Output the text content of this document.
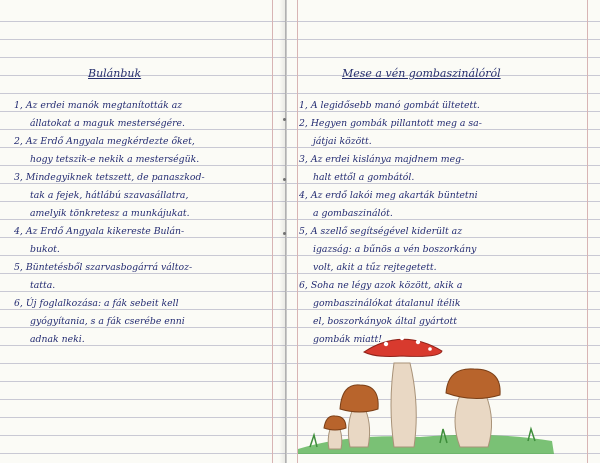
Bulánbuk
1, Az erdei manók megtanították az
állatokat a maguk mesterségére.
2, Az Erdő Angyala megkérdezte őket,
hogy tetszik-e nekik a mesterségük.
3, Mindegyiknek tetszett, de panaszkod-
tak a fejek, hátlábú szavasállatra,
amelyik tönkretesz a munkájukat.
4, Az Erdő Angyala kikereste Bulán-
bukot.
5, Büntetésből szarvasbogárrá változ-
tatta.
6, Új foglalkozása: a fák sebeit kell
gyógyítania, s a fák cserébe enni
adnak neki.
Mese a vén gombaszinálóról
1, A legidősebb manó gombát ültetett.
2, Hegyen gombák pillantott meg a sa-
játjai között.
3, Az erdei kislánya majdnem meg-
halt ettől a gombától.
4, Az erdő lakói meg akarták büntetni
a gombaszinálót.
5, A szellő segítségével kiderült az
igazság: a bűnös a vén boszorkány
volt, akit a tűz rejtegetett.
6, Soha ne légy azok között, akik a
gombaszinálókat átalanul ítélik
el, boszorkányok által gyártott
gombák miatt!
